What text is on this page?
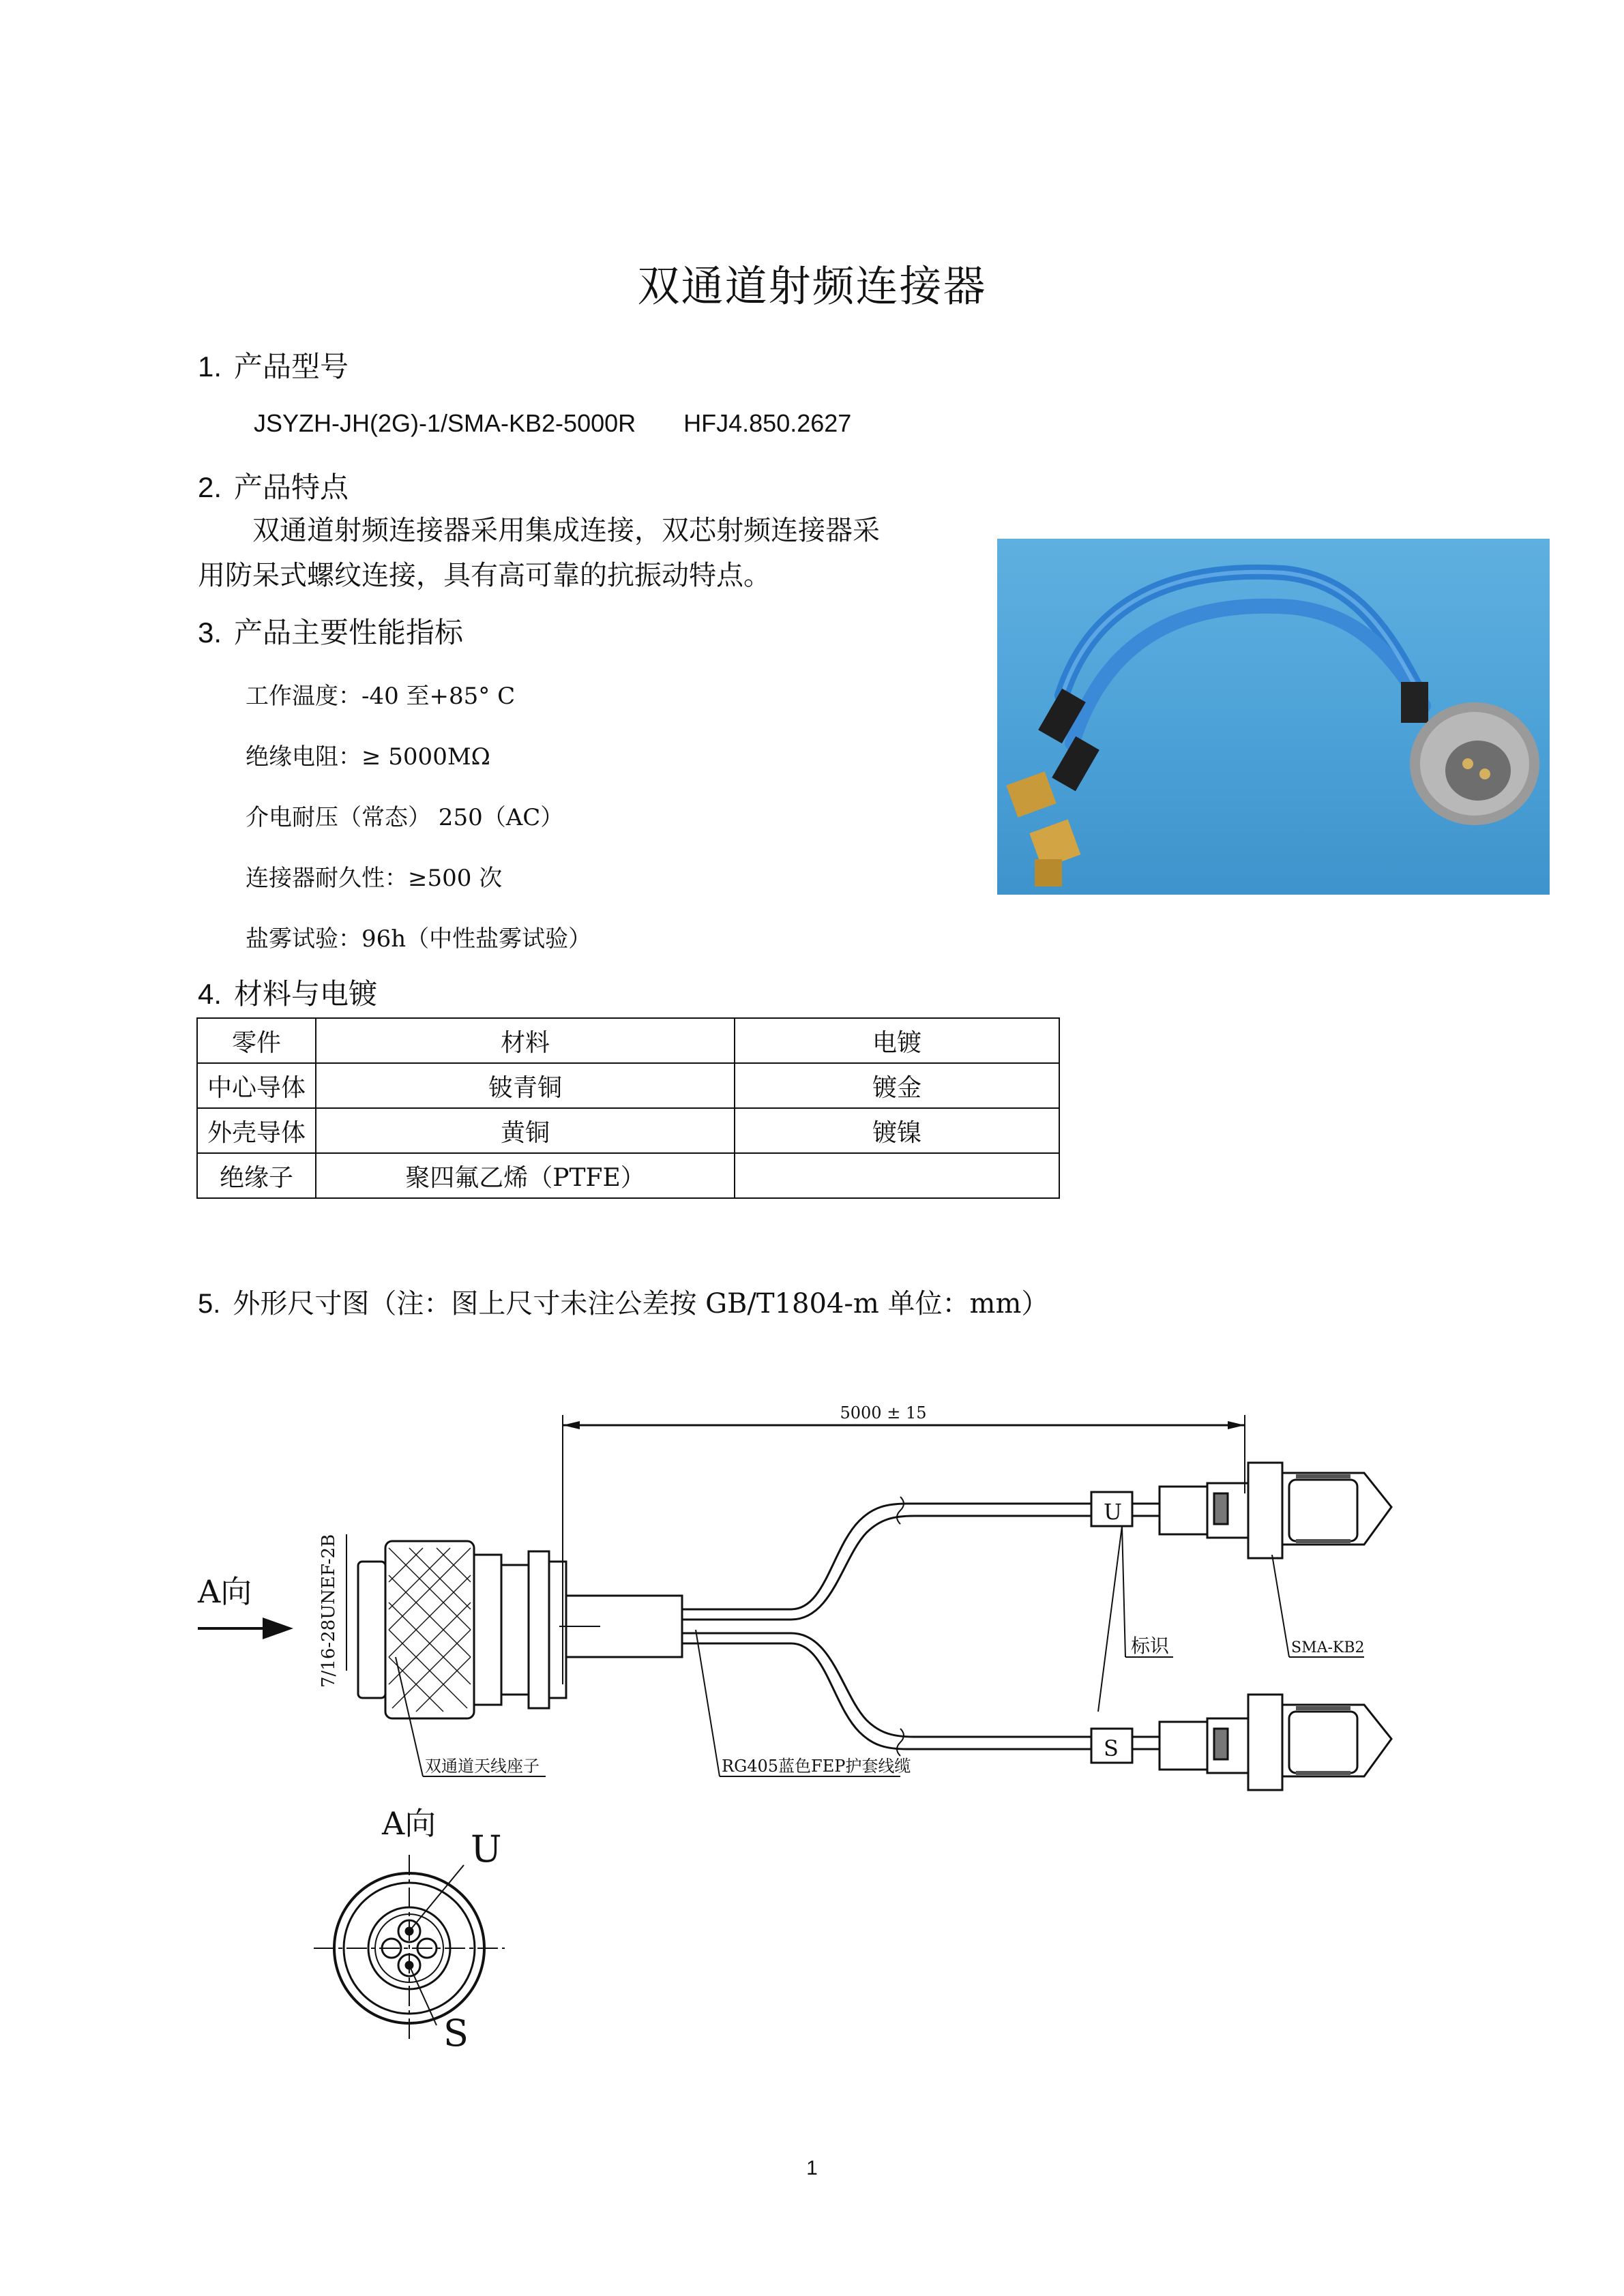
双通道射频连接器
1. 产品型号
JSYZH-JH(2G)-1/SMA-KB2-5000R HFJ4.850.2627
2. 产品特点
双通道射频连接器采用集成连接，双芯射频连接器采用防呆式螺纹连接，具有高可靠的抗振动特点。
3. 产品主要性能指标
工作温度：-40 至+85° C
绝缘电阻：≥ 5000MΩ
介电耐压（常态） 250（AC）
连接器耐久性：≥500 次
盐雾试验：96h（中性盐雾试验）
4. 材料与电镀
零件	材料	电镀
中心导体	铍青铜	镀金
外壳导体	黄铜	镀镍
绝缘子	聚四氟乙烯（PTFE）	
5. 外形尺寸图（注：图上尺寸未注公差按 GB/T1804-m 单位：mm）
5000 ± 15
A向	7/16-28UNEF-2B
U
S
标识	SMA-KB2
双通道天线座子	RG405蓝色FEP护套线缆
A向
U
S
1
